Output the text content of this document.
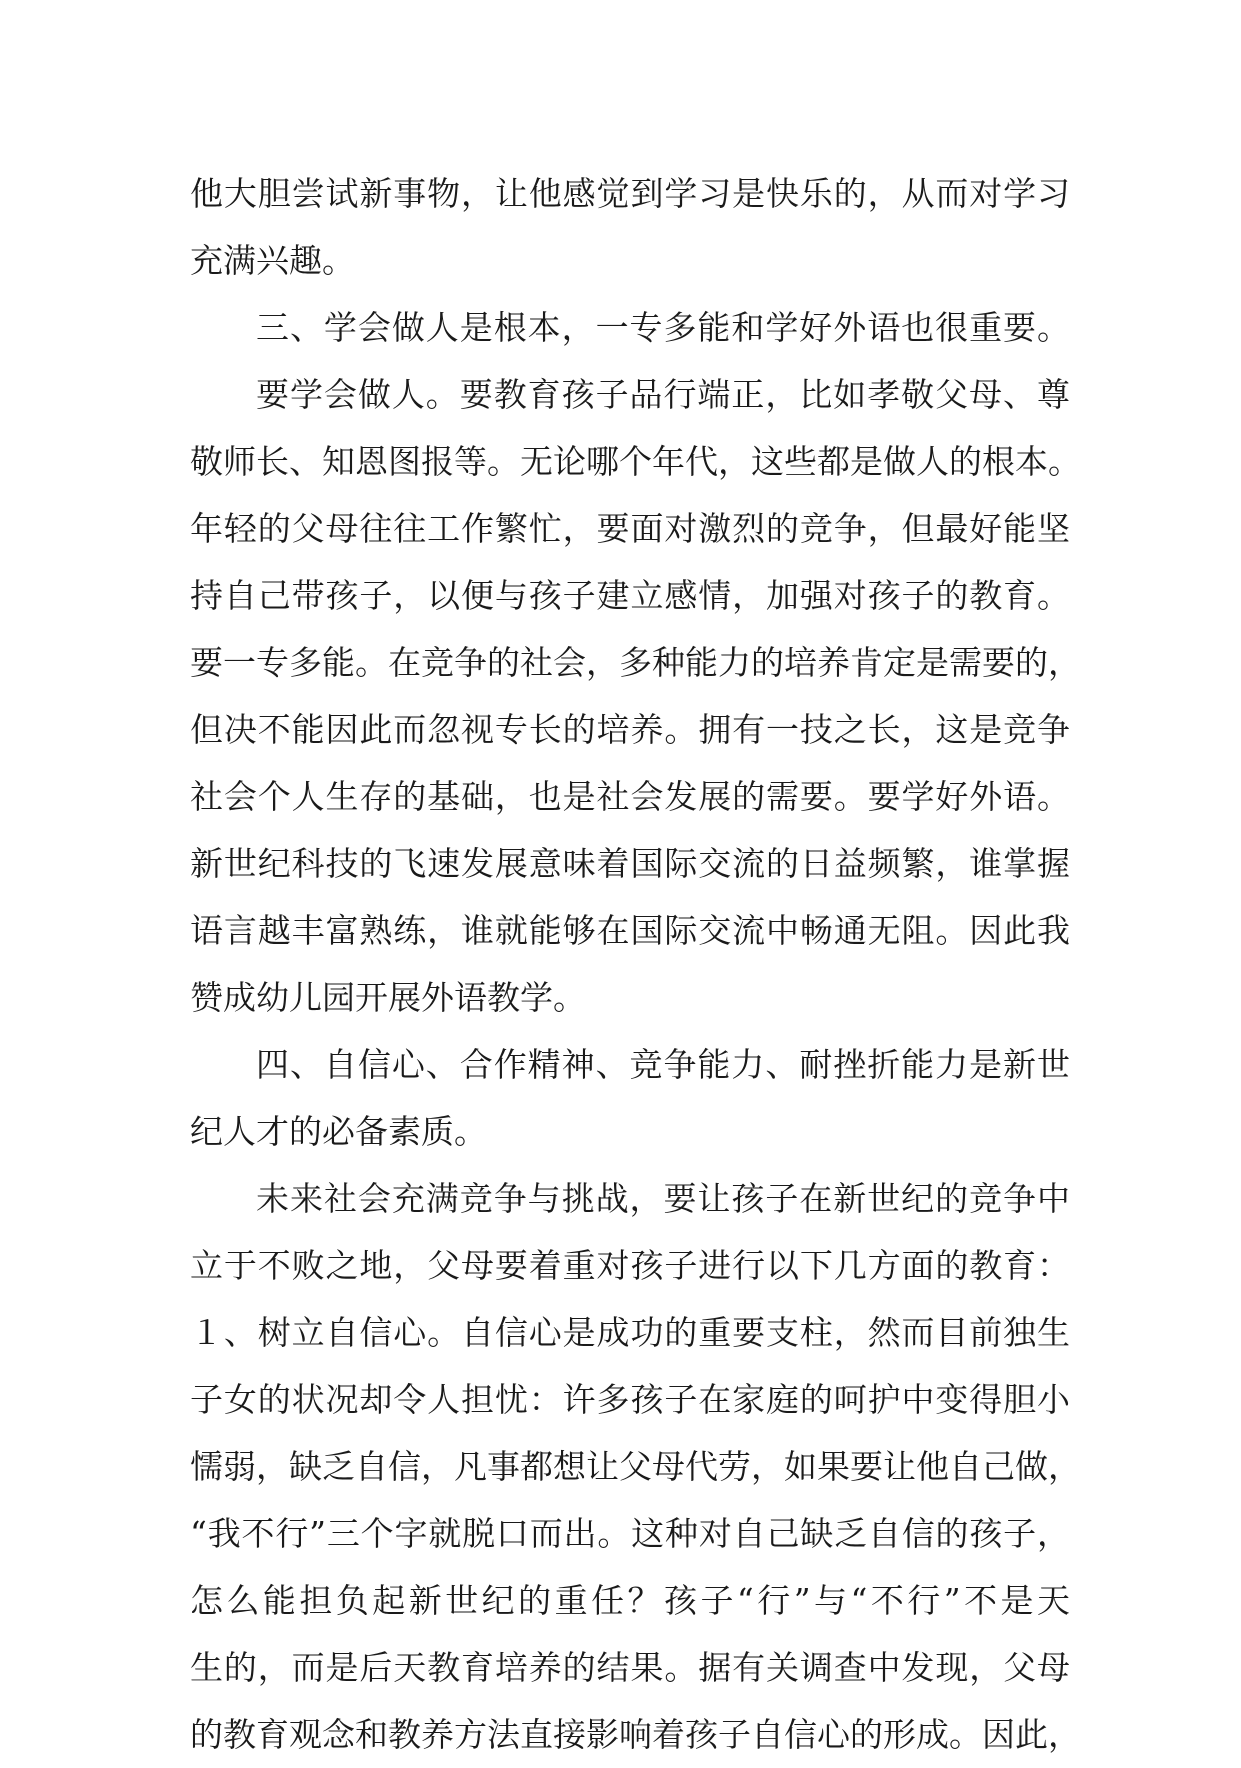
他大胆尝试新事物，让他感觉到学习是快乐的，从而对学习
充满兴趣。
三、学会做人是根本，一专多能和学好外语也很重要。
要学会做人。要教育孩子品行端正，比如孝敬父母、尊
敬师长、知恩图报等。无论哪个年代，这些都是做人的根本。
年轻的父母往往工作繁忙，要面对激烈的竞争，但最好能坚
持自己带孩子，以便与孩子建立感情，加强对孩子的教育。
要一专多能。在竞争的社会，多种能力的培养肯定是需要的，
但决不能因此而忽视专长的培养。拥有一技之长，这是竞争
社会个人生存的基础，也是社会发展的需要。要学好外语。
新世纪科技的飞速发展意味着国际交流的日益频繁，谁掌握
语言越丰富熟练，谁就能够在国际交流中畅通无阻。因此我
赞成幼儿园开展外语教学。
四、自信心、合作精神、竞争能力、耐挫折能力是新世
纪人才的必备素质。
未来社会充满竞争与挑战，要让孩子在新世纪的竞争中
立于不败之地，父母要着重对孩子进行以下几方面的教育：
１、树立自信心。自信心是成功的重要支柱，然而目前独生
子女的状况却令人担忧：许多孩子在家庭的呵护中变得胆小
懦弱，缺乏自信，凡事都想让父母代劳，如果要让他自己做，
“我不行”三个字就脱口而出。这种对自己缺乏自信的孩子，
怎么能担负起新世纪的重任？孩子“行”与“不行”不是天
生的，而是后天教育培养的结果。据有关调查中发现，父母
的教育观念和教养方法直接影响着孩子自信心的形成。因此，
